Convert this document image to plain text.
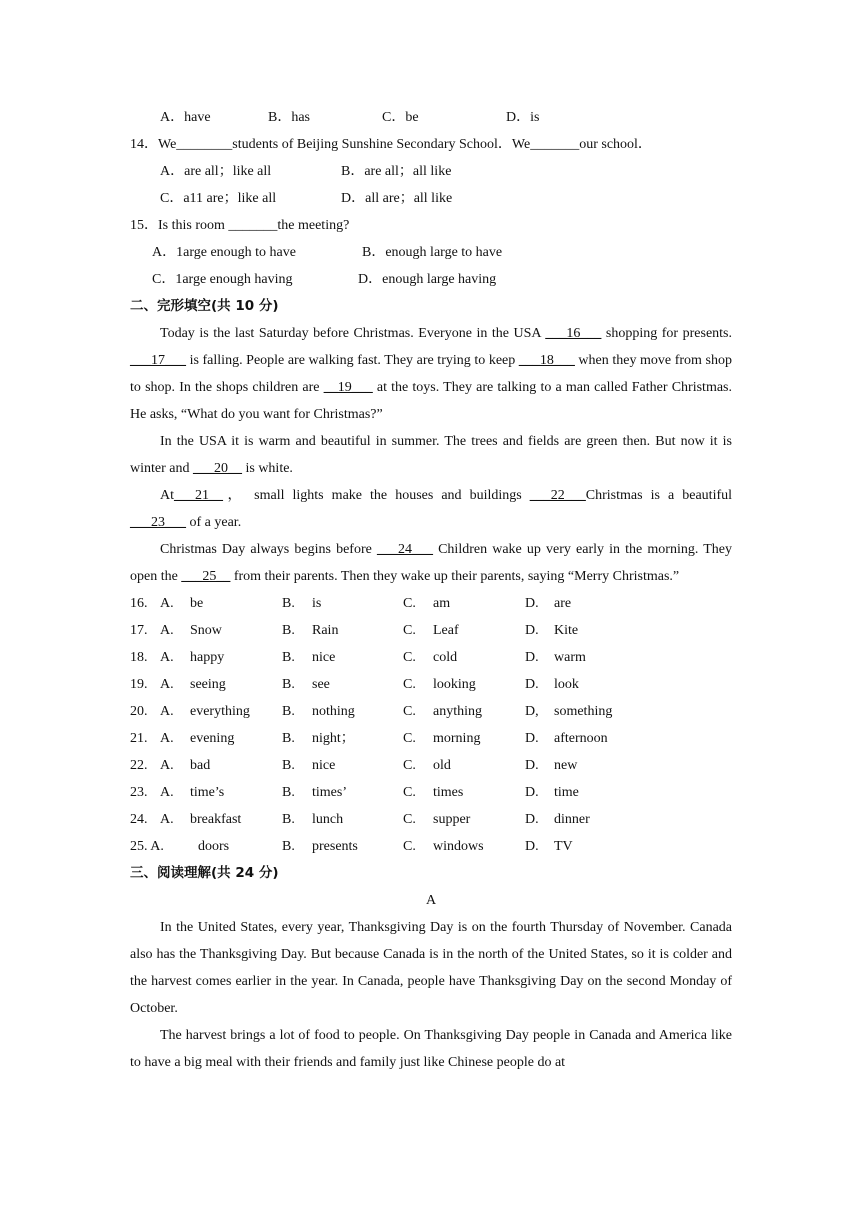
A．have	B．has	C．be	D．is
14．We________students of Beijing Sunshine Secondary School．We_______our school．
A．are all；like all	B．are all；all like
C．a11 are；like all	D．all are；all like
15．Is this room _______the meeting?
A．1arge enough to have	B．enough large to have
C．1arge enough having	D．enough large having
二、完形填空(共 10 分)

Today is the last Saturday before Christmas. Everyone in the USA ___16___ shopping for presents. ___17___ is falling. People are walking fast. They are trying to keep ___18___ when they move from shop to shop. In the shops children are __19___ at the toys. They are talking to a man called Father Christmas. He asks, “What do you want for Christmas?”

In the USA it is warm and beautiful in summer. The trees and fields are green then. But now it is winter and ___20__ is white.

At___21__， small lights make the houses and buildings ___22___Christmas is a beautiful ___23___ of a year.

Christmas Day always begins before ___24___ Children wake up very early in the morning. They open the ___25__ from their parents. Then they wake up their parents, saying “Merry Christmas.”

16. A. be	B. is	C. am	D. are
17. A. Snow	B. Rain	C. Leaf	D. Kite
18. A. happy	B. nice	C. cold	D. warm
19. A. seeing	B. see	C. looking	D. look
20. A. everything B. nothing	C. anything	D, something
21. A. evening	B. night；	C. morning	D. afternoon
22. A. bad	B. nice	C. old	D. new
23. A. time’s	B. times’	C. times	D. time
24. A. breakfast	B. lunch	C. supper	D. dinner
25. A. doors	B. presents	C. windows	D. TV
三、阅读理解(共 24 分)
A

In the United States, every year, Thanksgiving Day is on the fourth Thursday of November. Canada also has the Thanksgiving Day. But because Canada is in the north of the United States, so it is colder and the harvest comes earlier in the year. In Canada, people have Thanksgiving Day on the second Monday of October.

The harvest brings a lot of food to people. On Thanksgiving Day people in Canada and America like to have a big meal with their friends and family just like Chinese people do at
